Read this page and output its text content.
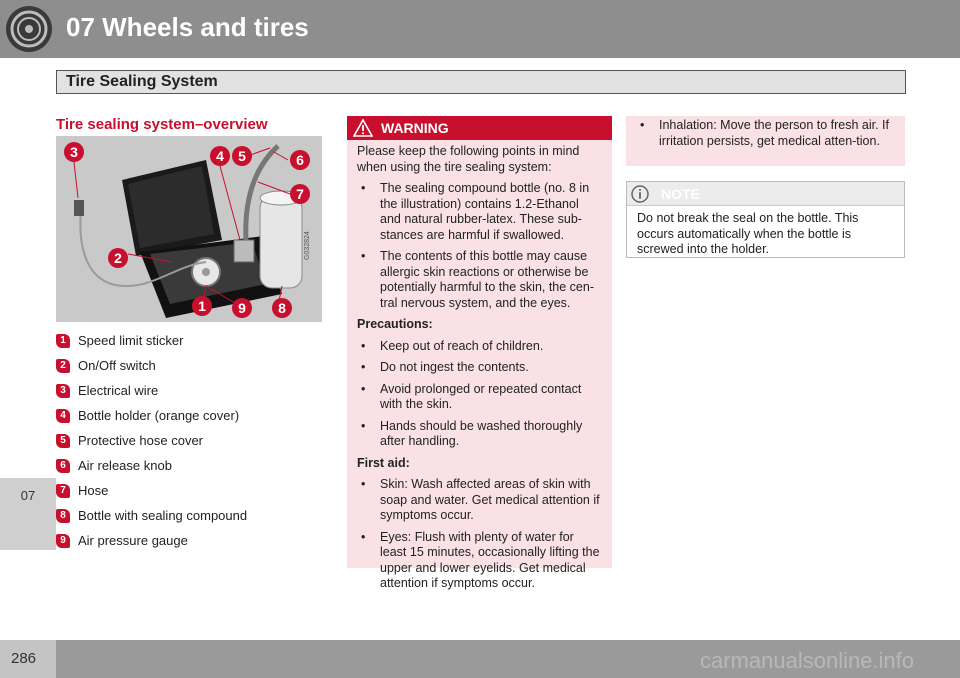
07 Wheels and tires
07
Tire Sealing System
Tire sealing system–overview
3	4 5	6
7
2
1 9 8
G032824
1 Speed limit sticker
2 On/Off switch
3 Electrical wire
4 Bottle holder (orange cover)
5 Protective hose cover
6 Air release knob
7 Hose
8 Bottle with sealing compound
9 Air pressure gauge
WARNING

Please keep the following points in mind when using the tire sealing system:

• The sealing compound bottle (no. 8 in the illustration) contains 1.2-Ethanol and natural rubber-latex. These sub-stances are harmful if swallowed.
• The contents of this bottle may cause allergic skin reactions or otherwise be potentially harmful to the skin, the cen-tral nervous system, and the eyes.
Precautions:
• Keep out of reach of children.
• Do not ingest the contents.
• Avoid prolonged or repeated contact with the skin.
• Hands should be washed thoroughly after handling.
First aid:
• Skin: Wash affected areas of skin with soap and water. Get medical attention if symptoms occur.
• Eyes: Flush with plenty of water for least 15 minutes, occasionally lifting the upper and lower eyelids. Get medical attention if symptoms occur.
• Inhalation: Move the person to fresh air. If irritation persists, get medical atten-tion.
NOTE
Do not break the seal on the bottle. This occurs automatically when the bottle is screwed into the holder.
286	carmanualsonline.info
